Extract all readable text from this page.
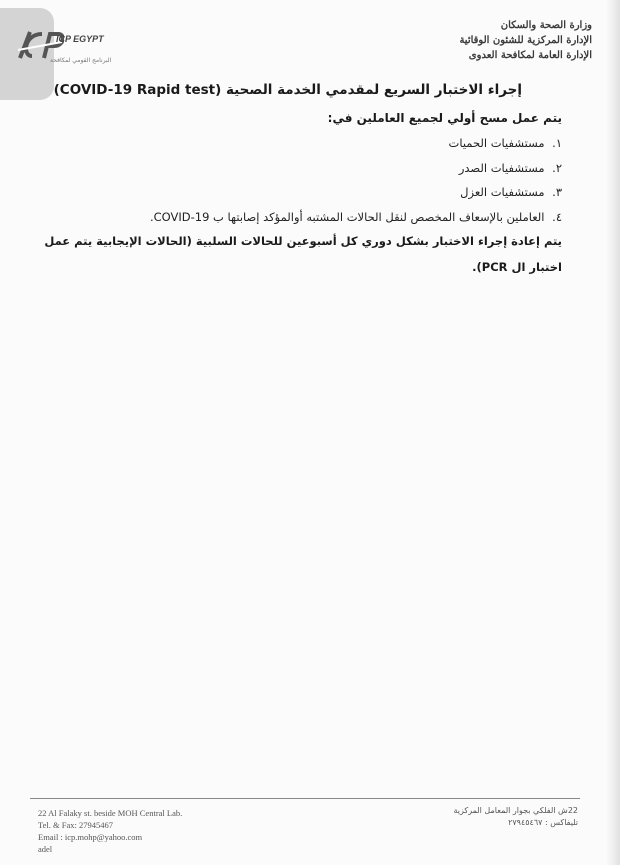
ICP EGYPT
البرنامج القومي لمكافحة
وزارة الصحة والسكان
الإدارة المركزية للشئون الوقائية
الإدارة العامة لمكافحة العدوى
إجراء الاختبار السريع لمقدمي الخدمة الصحية (COVID-19 Rapid test)
يتم عمل مسح أولي لجميع العاملين في:
١. مستشفيات الحميات
٢. مستشفيات الصدر
٣. مستشفيات العزل
٤. العاملين بالإسعاف المخصص لنقل الحالات المشتبه أوالمؤكد إصابتها ب COVID-19.
يتم إعادة إجراء الاختبار بشكل دوري كل أسبوعين للحالات السلبية (الحالات الإيجابية يتم عمل اختبار ال PCR).
22 Al Falaky st. beside MOH Central Lab.
Tel. & Fax: 27945467
Email : icp.mohp@yahoo.com
adel
22ش الفلكي بجوار المعامل المركزية
تليفاكس : ٢٧٩٤٥٤٦٧
